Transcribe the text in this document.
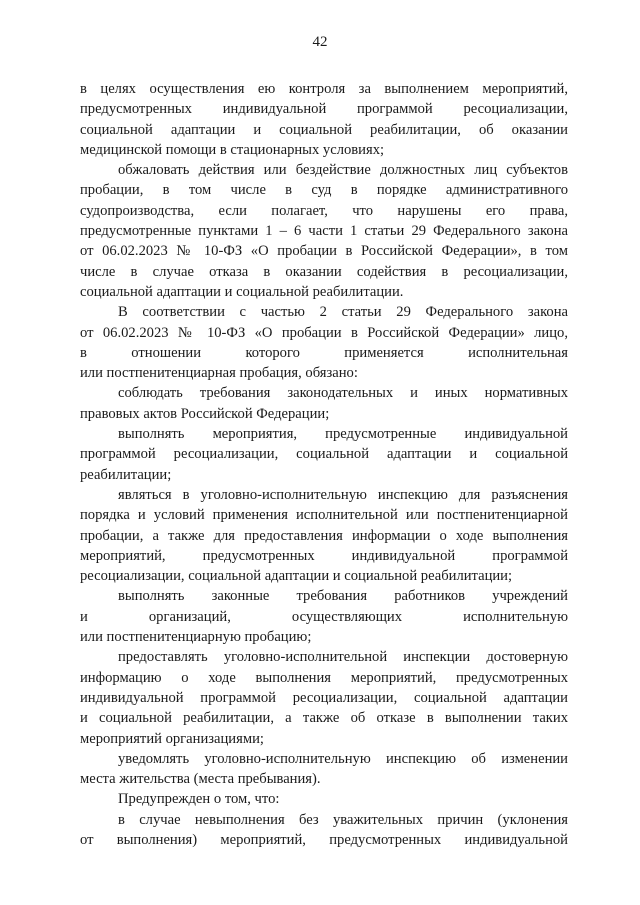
42
в целях осуществления ею контроля за выполнением мероприятий,
предусмотренных индивидуальной программой ресоциализации,
социальной адаптации и социальной реабилитации, об оказании
медицинской помощи в стационарных условиях;
обжаловать действия или бездействие должностных лиц субъектов
пробации, в том числе в суд в порядке административного
судопроизводства, если полагает, что нарушены его права,
предусмотренные пунктами 1 – 6 части 1 статьи 29 Федерального закона
от 06.02.2023 № 10-ФЗ «О пробации в Российской Федерации», в том
числе в случае отказа в оказании содействия в ресоциализации,
социальной адаптации и социальной реабилитации.
В соответствии с частью 2 статьи 29 Федерального закона
от 06.02.2023 № 10-ФЗ «О пробации в Российской Федерации» лицо,
в отношении которого применяется исполнительная
или постпенитенциарная пробация, обязано:
соблюдать требования законодательных и иных нормативных
правовых актов Российской Федерации;
выполнять мероприятия, предусмотренные индивидуальной
программой ресоциализации, социальной адаптации и социальной
реабилитации;
являться в уголовно-исполнительную инспекцию для разъяснения
порядка и условий применения исполнительной или постпенитенциарной
пробации, а также для предоставления информации о ходе выполнения
мероприятий, предусмотренных индивидуальной программой
ресоциализации, социальной адаптации и социальной реабилитации;
выполнять законные требования работников учреждений
и организаций, осуществляющих исполнительную
или постпенитенциарную пробацию;
предоставлять уголовно-исполнительной инспекции достоверную
информацию о ходе выполнения мероприятий, предусмотренных
индивидуальной программой ресоциализации, социальной адаптации
и социальной реабилитации, а также об отказе в выполнении таких
мероприятий организациями;
уведомлять уголовно-исполнительную инспекцию об изменении
места жительства (места пребывания).
Предупрежден о том, что:
в случае невыполнения без уважительных причин (уклонения
от выполнения) мероприятий, предусмотренных индивидуальной
